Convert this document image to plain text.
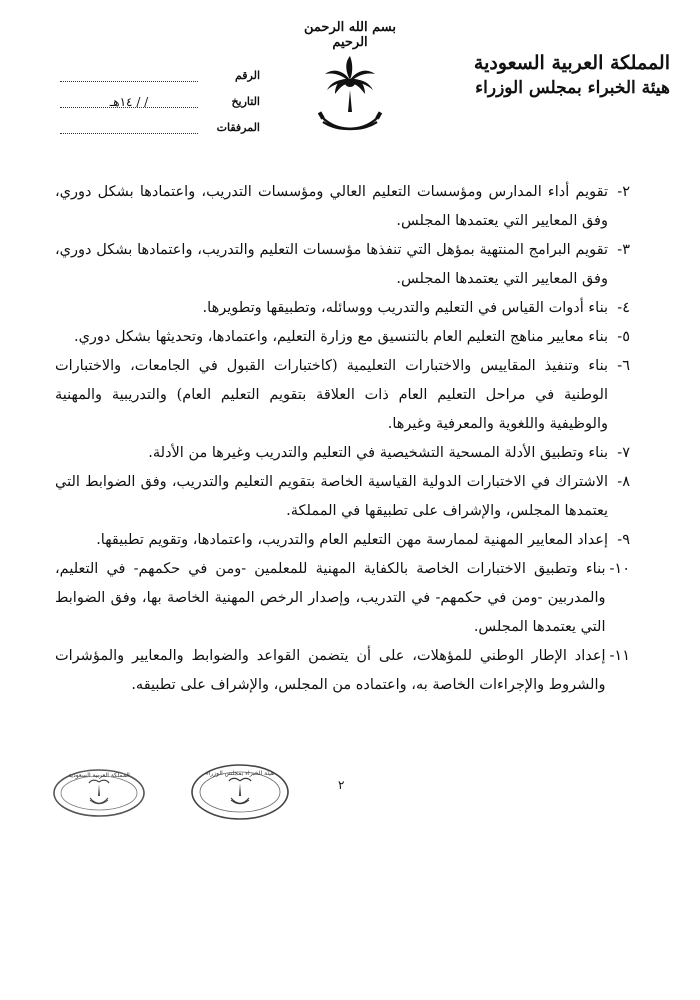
بسم الله الرحمن الرحيم
المملكة العربية السعودية
هيئة الخبراء بمجلس الوزراء
الرقم
التاريخ
/ / ١٤هـ
المرفقات
٢-
تقويم أداء المدارس ومؤسسات التعليم العالي ومؤسسات التدريب، واعتمادها بشكل دوري، وفق المعايير التي يعتمدها المجلس.
٣-
تقويم البرامج المنتهية بمؤهل التي تنفذها مؤسسات التعليم والتدريب، واعتمادها بشكل دوري، وفق المعايير التي يعتمدها المجلس.
٤-
بناء أدوات القياس في التعليم والتدريب ووسائله، وتطبيقها وتطويرها.
٥-
بناء معايير مناهج التعليم العام بالتنسيق مع وزارة التعليم، واعتمادها، وتحديثها بشكل دوري.
٦-
بناء وتنفيذ المقاييس والاختبارات التعليمية (كاختبارات القبول في الجامعات، والاختبارات الوطنية في مراحل التعليم العام ذات العلاقة بتقويم التعليم العام) والتدريبية والمهنية والوظيفية واللغوية والمعرفية وغيرها.
٧-
بناء وتطبيق الأدلة المسحية التشخيصية في التعليم والتدريب وغيرها من الأدلة.
٨-
الاشتراك في الاختبارات الدولية القياسية الخاصة بتقويم التعليم والتدريب، وفق الضوابط التي يعتمدها المجلس، والإشراف على تطبيقها في المملكة.
٩-
إعداد المعايير المهنية لممارسة مهن التعليم العام والتدريب، واعتمادها، وتقويم تطبيقها.
١٠-
بناء وتطبيق الاختبارات الخاصة بالكفاية المهنية للمعلمين -ومن في حكمهم- في التعليم، والمدربين -ومن في حكمهم- في التدريب، وإصدار الرخص المهنية الخاصة بها، وفق الضوابط التي يعتمدها المجلس.
١١-
إعداد الإطار الوطني للمؤهلات، على أن يتضمن القواعد والضوابط والمعايير والمؤشرات والشروط والإجراءات الخاصة به، واعتماده من المجلس، والإشراف على تطبيقه.
٢
المملكة العربية السعودية	هيئة الخبراء بمجلس الوزراء
